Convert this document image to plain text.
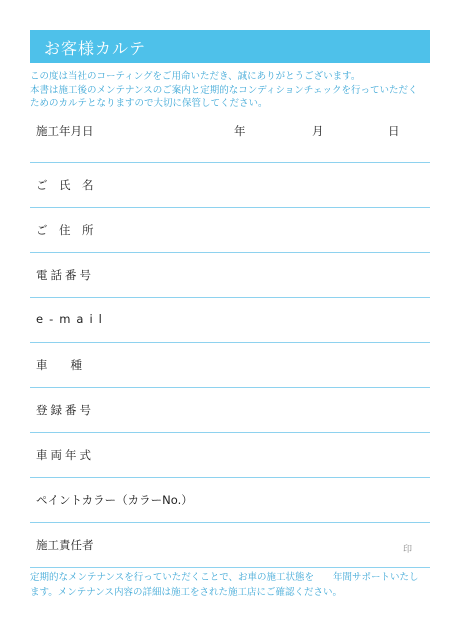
お客様カルテ
この度は当社のコーティングをご用命いただき、誠にありがとうございます。
本書は施工後のメンテナンスのご案内と定期的なコンディションチェックを行っていただく
ためのカルテとなりますので大切に保管してください。
施工年月日	年	月	日
ご　氏　名
ご　住　所
電話番号
e-mail
車　　種
登録番号
車両年式
ペイントカラー（カラーNo.）
施工責任者	印
定期的なメンテナンスを行っていただくことで、お車の施工状態を　　年間サポートいたし
ます。メンテナンス内容の詳細は施工をされた施工店にご確認ください。
